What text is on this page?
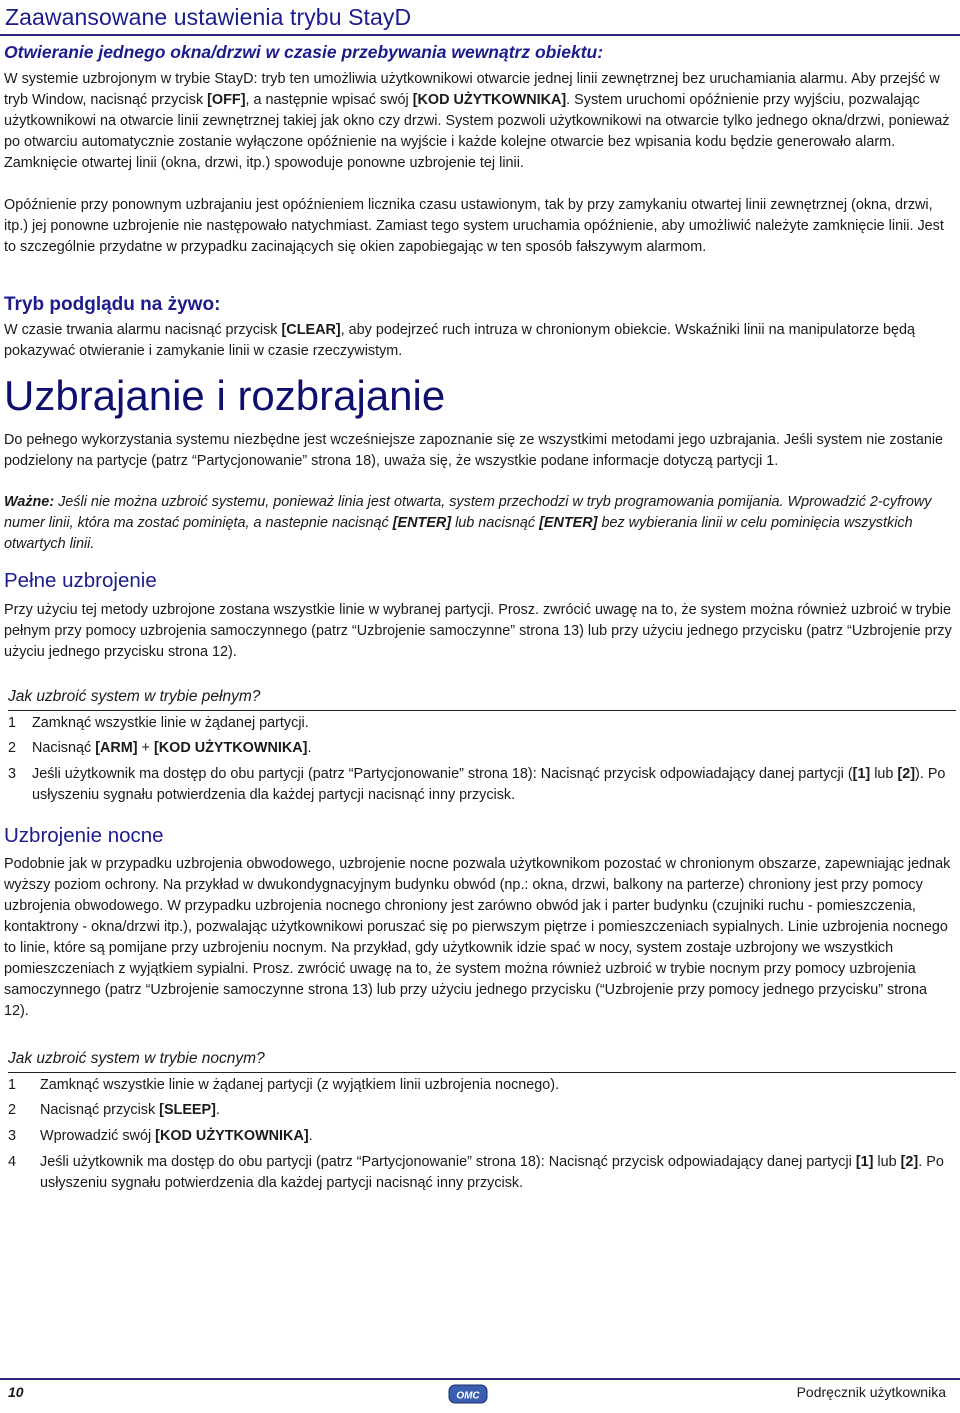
Zaawansowane ustawienia trybu StayD
Otwieranie jednego okna/drzwi w czasie przebywania wewnątrz obiektu:

W systemie uzbrojonym w trybie StayD: tryb ten umożliwia użytkownikowi otwarcie jednej linii zewnętrznej bez uruchamiania alarmu. Aby przejść w tryb Window, nacisnąć przycisk [OFF], a następnie wpisać swój [KOD UŻYTKOWNIKA]. System uruchomi opóźnienie przy wyjściu, pozwalając użytkownikowi na otwarcie linii zewnętrznej takiej jak okno czy drzwi. System pozwoli użytkownikowi na otwarcie tylko jednego okna/drzwi, ponieważ po otwarciu automatycznie zostanie wyłączone opóźnienie na wyjście i każde kolejne otwarcie bez wpisania kodu będzie generowało alarm. Zamknięcie otwartej linii (okna, drzwi, itp.) spowoduje ponowne uzbrojenie tej linii.

Opóźnienie przy ponownym uzbrajaniu jest opóźnieniem licznika czasu ustawionym, tak by przy zamykaniu otwartej linii zewnętrznej (okna, drzwi, itp.) jej ponowne uzbrojenie nie następowało natychmiast. Zamiast tego system uruchamia opóźnienie, aby umożliwić należyte zamknięcie linii. Jest to szczególnie przydatne w przypadku zacinających się okien zapobiegając w ten sposób fałszywym alarmom.

Tryb podglądu na żywo:

W czasie trwania alarmu nacisnąć przycisk [CLEAR], aby podejrzeć ruch intruza w chronionym obiekcie. Wskaźniki linii na manipulatorze będą pokazywać otwieranie i zamykanie linii w czasie rzeczywistym.

Uzbrajanie i rozbrajanie

Do pełnego wykorzystania systemu niezbędne jest wcześniejsze zapoznanie się ze wszystkimi metodami jego uzbrajania. Jeśli system nie zostanie podzielony na partycje (patrz “Partycjonowanie” strona 18), uważa się, że wszystkie podane informacje dotyczą partycji 1.

Ważne: Jeśli nie można uzbroić systemu, ponieważ linia jest otwarta, system przechodzi w tryb programowania pomijania. Wprowadzić 2-cyfrowy numer linii, która ma zostać pominięta, a nastepnie nacisnąć [ENTER] lub nacisnąć [ENTER] bez wybierania linii w celu pominięcia wszystkich otwartych linii.

Pełne uzbrojenie

Przy użyciu tej metody uzbrojone zostana wszystkie linie w wybranej partycji. Prosz. zwrócić uwagę na to, że system można również uzbroić w trybie pełnym przy pomocy uzbrojenia samoczynnego (patrz “Uzbrojenie samoczynne” strona 13) lub przy użyciu jednego przycisku (patrz “Uzbrojenie przy użyciu jednego przycisku strona 12).

Jak uzbroić system w trybie pełnym?

1 Zamknąć wszystkie linie w żądanej partycji.
2 Nacisnąć [ARM] + [KOD UŻYTKOWNIKA].
3 Jeśli użytkownik ma dostęp do obu partycji (patrz “Partycjonowanie” strona 18): Nacisnąć przycisk odpowiadający danej partycji ([1] lub [2]). Po usłyszeniu sygnału potwierdzenia dla każdej partycji nacisnąć inny przycisk.
Uzbrojenie nocne

Podobnie jak w przypadku uzbrojenia obwodowego, uzbrojenie nocne pozwala użytkownikom pozostać w chronionym obszarze, zapewniając jednak wyższy poziom ochrony. Na przykład w dwukondygnacyjnym budynku obwód (np.: okna, drzwi, balkony na parterze) chroniony jest przy pomocy uzbrojenia obwodowego. W przypadku uzbrojenia nocnego chroniony jest zarówno obwód jak i parter budynku (czujniki ruchu - pomieszczenia, kontaktrony - okna/drzwi itp.), pozwalając użytkownikowi poruszać się po pierwszym piętrze i pomieszczeniach sypialnych. Linie uzbrojenia nocnego to linie, które są pomijane przy uzbrojeniu nocnym. Na przykład, gdy użytkownik idzie spać w nocy, system zostaje uzbrojony we wszystkich pomieszczeniach z wyjątkiem sypialni. Prosz. zwrócić uwagę na to, że system można również uzbroić w trybie nocnym przy pomocy uzbrojenia samoczynnego (patrz “Uzbrojenie samoczynne strona 13) lub przy użyciu jednego przycisku (“Uzbrojenie przy pomocy jednego przycisku” strona 12).

Jak uzbroić system w trybie nocnym?

1 Zamknąć wszystkie linie w żądanej partycji (z wyjątkiem linii uzbrojenia nocnego).
2 Nacisnąć przycisk [SLEEP].
3 Wprowadzić swój [KOD UŻYTKOWNIKA].
4 Jeśli użytkownik ma dostęp do obu partycji (patrz “Partycjonowanie” strona 18): Nacisnąć przycisk odpowiadający danej partycji [1] lub [2]. Po usłyszeniu sygnału potwierdzenia dla każdej partycji nacisnąć inny przycisk.
10	OMC	Podręcznik użytkownika
